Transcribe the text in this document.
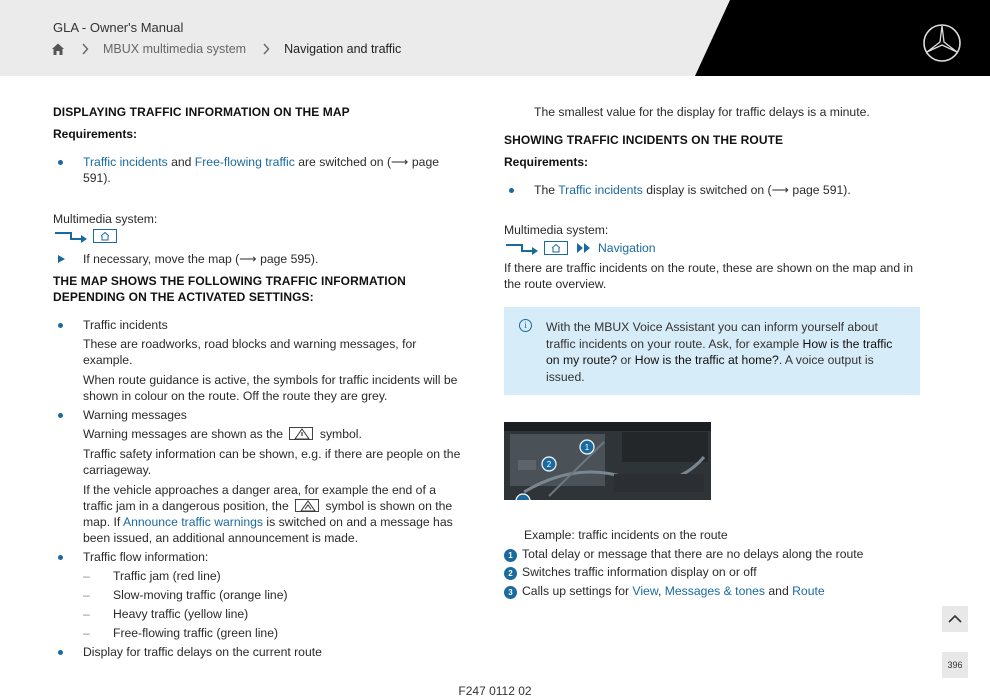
GLA - Owner's Manual
MBUX multimedia system	Navigation and traffic
DISPLAYING TRAFFIC INFORMATION ON THE MAP
Requirements:
Traffic incidents and Free-flowing traffic are switched on (⟶ page 591).
Multimedia system:
If necessary, move the map (⟶ page 595).
THE MAP SHOWS THE FOLLOWING TRAFFIC INFORMATION DEPENDING ON THE ACTIVATED SETTINGS:
Traffic incidents
These are roadworks, road blocks and warning messages, for example.
When route guidance is active, the symbols for traffic incidents will be shown in colour on the route. Off the route they are grey.
Warning messages
Warning messages are shown as the	symbol.
Traffic safety information can be shown, e.g. if there are people on the carriageway.
If the vehicle approaches a danger area, for example the end of a traffic jam in a dangerous position, the	symbol is shown on the map. If Announce traffic warnings is switched on and a message has been issued, an additional announcement is made.
Traffic flow information:
– Traffic jam (red line)
– Slow-moving traffic (orange line)
– Heavy traffic (yellow line)
– Free-flowing traffic (green line)
Display for traffic delays on the current route
The smallest value for the display for traffic delays is a minute.
SHOWING TRAFFIC INCIDENTS ON THE ROUTE
Requirements:
The Traffic incidents display is switched on (⟶ page 591).
Multimedia system:
Navigation
If there are traffic incidents on the route, these are shown on the map and in the route overview.
i	With the MBUX Voice Assistant you can inform yourself about traffic incidents on your route. Ask, for example How is the traffic on my route? or How is the traffic at home?. A voice output is issued.
1
2
Example: traffic incidents on the route
1 Total delay or message that there are no delays along the route
2 Switches traffic information display on or off
3 Calls up settings for View, Messages & tones and Route
396
F247 0112 02
